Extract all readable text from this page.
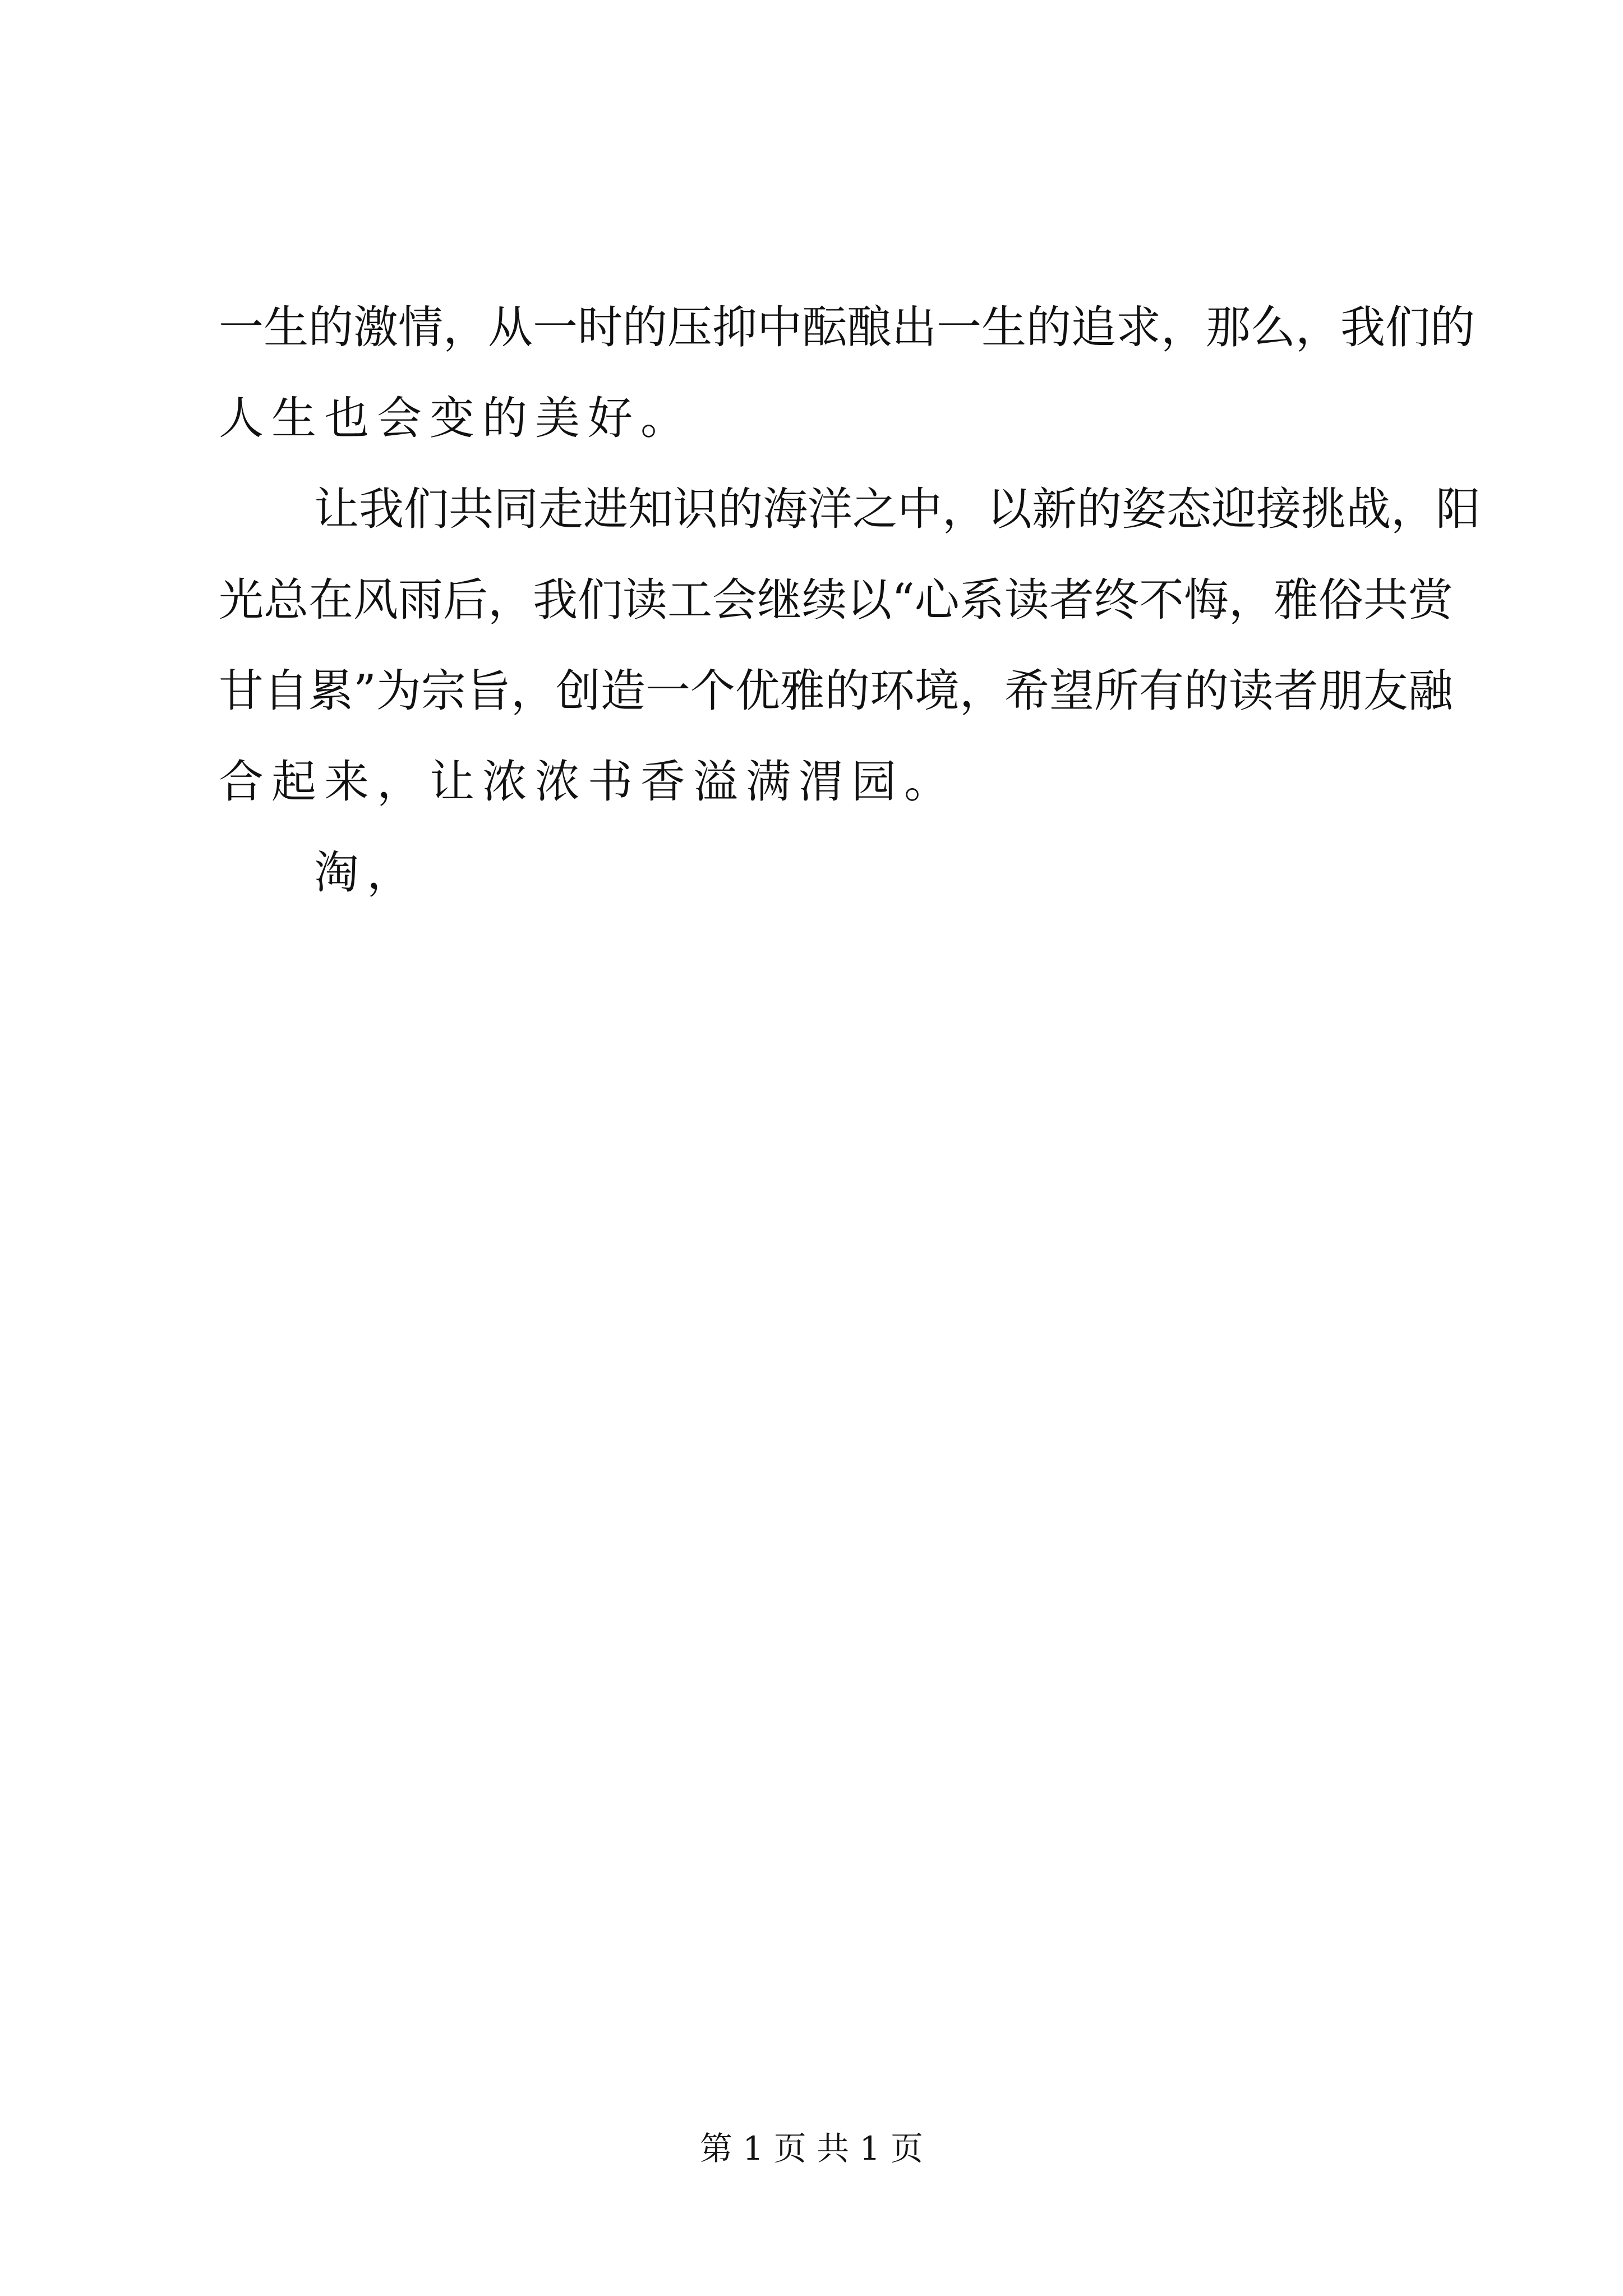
一生的激情，从一时的压抑中酝酿出一生的追求，那么，我们的
人生也会变的美好。
让我们共同走进知识的海洋之中，以新的姿态迎接挑战，阳
光总在风雨后，我们读工会继续以“心系读者终不悔，雅俗共赏
甘自累”为宗旨，创造一个优雅的环境，希望所有的读者朋友融
合起来，让浓浓书香溢满渭园。
淘，
第 1 页 共 1 页
